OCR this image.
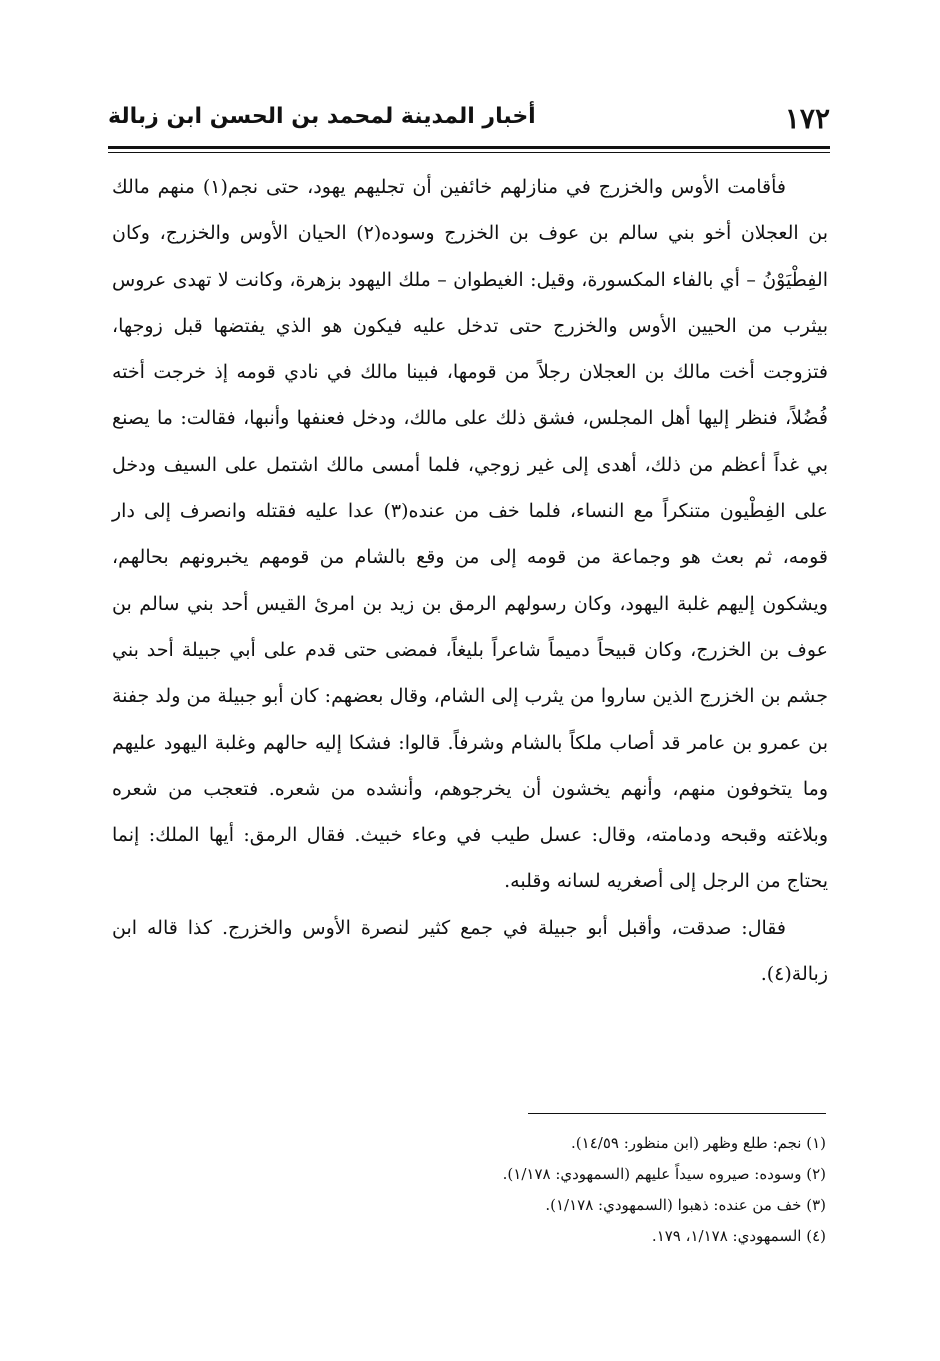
١٧٢
أخبار المدينة لمحمد بن الحسن ابن زبالة

فأقامت الأوس والخزرج في منازلهم خائفين أن تجليهم يهود، حتى نجم(١) منهم مالك بن العجلان أخو بني سالم بن عوف بن الخزرج وسوده(٢) الحيان الأوس والخزرج، وكان الفِطْيَوْنُ – أي بالفاء المكسورة، وقيل: الغيطوان – ملك اليهود بزهرة، وكانت لا تهدى عروس بيثرب من الحيين الأوس والخزرج حتى تدخل عليه فيكون هو الذي يفتضها قبل زوجها، فتزوجت أخت مالك بن العجلان رجلاً من قومها، فبينا مالك في نادي قومه إذ خرجت أخته فُضُلاً، فنظر إليها أهل المجلس، فشق ذلك على مالك، ودخل فعنفها وأنبها، فقالت: ما يصنع بي غداً أعظم من ذلك، أهدى إلى غير زوجي، فلما أمسى مالك اشتمل على السيف ودخل على الفِطْيون متنكراً مع النساء، فلما خف من عنده(٣) عدا عليه فقتله وانصرف إلى دار قومه، ثم بعث هو وجماعة من قومه إلى من وقع بالشام من قومهم يخبرونهم بحالهم، ويشكون إليهم غلبة اليهود، وكان رسولهم الرمق بن زيد بن امرئ القيس أحد بني سالم بن عوف بن الخزرج، وكان قبيحاً دميماً شاعراً بليغاً، فمضى حتى قدم على أبي جبيلة أحد بني جشم بن الخزرج الذين ساروا من يثرب إلى الشام، وقال بعضهم: كان أبو جبيلة من ولد جفنة بن عمرو بن عامر قد أصاب ملكاً بالشام وشرفاً. قالوا: فشكا إليه حالهم وغلبة اليهود عليهم وما يتخوفون منهم، وأنهم يخشون أن يخرجوهم، وأنشده من شعره. فتعجب من شعره وبلاغته وقبحه ودمامته، وقال: عسل طيب في وعاء خبيث. فقال الرمق: أيها الملك: إنما يحتاج من الرجل إلى أصغريه لسانه وقلبه.

فقال: صدقت، وأقبل أبو جبيلة في جمع كثير لنصرة الأوس والخزرج. كذا قاله ابن زبالة(٤).

(١) نجم: طلع وظهر (ابن منظور: ١٤/٥٩).
(٢) وسوده: صيروه سيداً عليهم (السمهودي: ١/١٧٨).
(٣) خف من عنده: ذهبوا (السمهودي: ١/١٧٨).
(٤) السمهودي: ١/١٧٨، ١٧٩.
